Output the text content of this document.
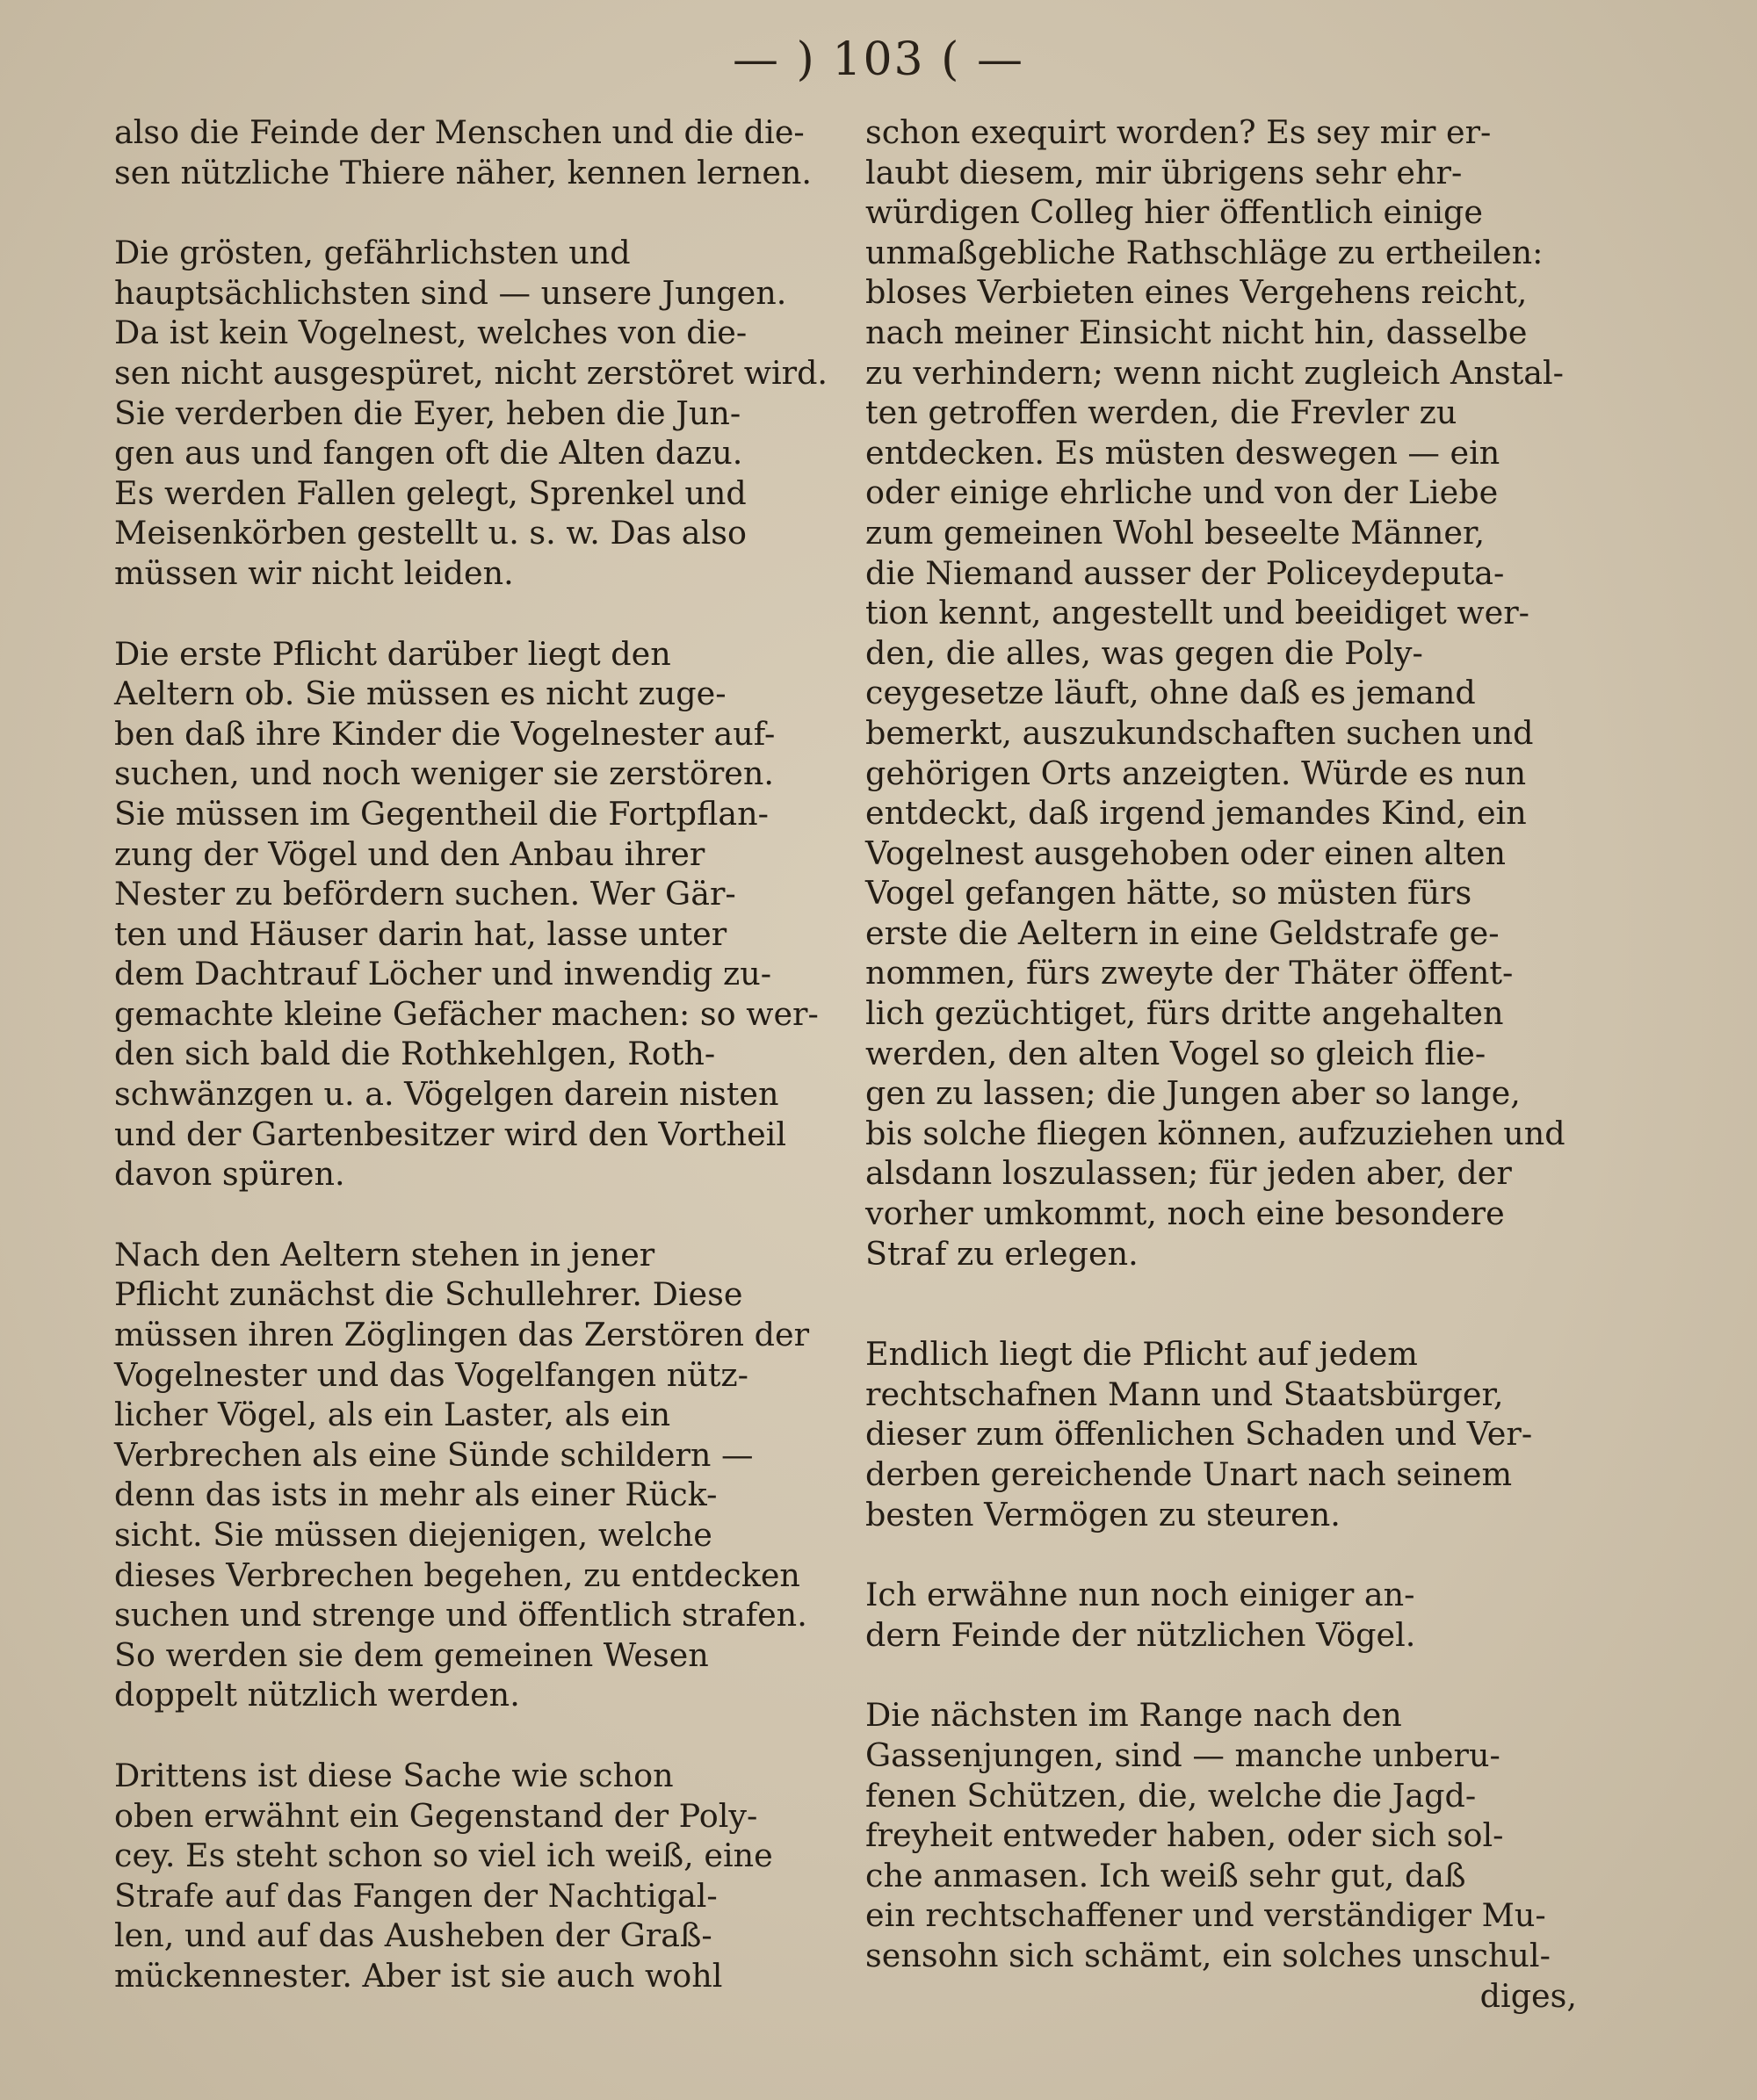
— ) 103 ( —

also die Feinde der Menschen und die die-
sen nützliche Thiere näher, kennen lernen.

Die grösten, gefährlichsten und
hauptsächlichsten sind — unsere Jungen.
Da ist kein Vogelnest, welches von die-
sen nicht ausgespüret, nicht zerstöret wird.
Sie verderben die Eyer, heben die Jun-
gen aus und fangen oft die Alten dazu.
Es werden Fallen gelegt, Sprenkel und
Meisenkörben gestellt u. s. w. Das also
müssen wir nicht leiden.

Die erste Pflicht darüber liegt den
Aeltern ob. Sie müssen es nicht zuge-
ben daß ihre Kinder die Vogelnester auf-
suchen, und noch weniger sie zerstören.
Sie müssen im Gegentheil die Fortpflan-
zung der Vögel und den Anbau ihrer
Nester zu befördern suchen. Wer Gär-
ten und Häuser darin hat, lasse unter
dem Dachtrauf Löcher und inwendig zu-
gemachte kleine Gefächer machen: so wer-
den sich bald die Rothkehlgen, Roth-
schwänzgen u. a. Vögelgen darein nisten
und der Gartenbesitzer wird den Vortheil
davon spüren.

Nach den Aeltern stehen in jener
Pflicht zunächst die Schullehrer. Diese
müssen ihren Zöglingen das Zerstören der
Vogelnester und das Vogelfangen nütz-
licher Vögel, als ein Laster, als ein
Verbrechen als eine Sünde schildern —
denn das ists in mehr als einer Rück-
sicht. Sie müssen diejenigen, welche
dieses Verbrechen begehen, zu entdecken
suchen und strenge und öffentlich strafen.
So werden sie dem gemeinen Wesen
doppelt nützlich werden.

Drittens ist diese Sache wie schon
oben erwähnt ein Gegenstand der Poly-
cey. Es steht schon so viel ich weiß, eine
Strafe auf das Fangen der Nachtigal-
len, und auf das Ausheben der Graß-
mückennester. Aber ist sie auch wohl

schon exequirt worden? Es sey mir er-
laubt diesem, mir übrigens sehr ehr-
würdigen Colleg hier öffentlich einige
unmaßgebliche Rathschläge zu ertheilen:
bloses Verbieten eines Vergehens reicht,
nach meiner Einsicht nicht hin, dasselbe
zu verhindern; wenn nicht zugleich Anstal-
ten getroffen werden, die Frevler zu
entdecken. Es müsten deswegen — ein
oder einige ehrliche und von der Liebe
zum gemeinen Wohl beseelte Männer,
die Niemand ausser der Policeydeputa-
tion kennt, angestellt und beeidiget wer-
den, die alles, was gegen die Poly-
ceygesetze läuft, ohne daß es jemand
bemerkt, auszukundschaften suchen und
gehörigen Orts anzeigten. Würde es nun
entdeckt, daß irgend jemandes Kind, ein
Vogelnest ausgehoben oder einen alten
Vogel gefangen hätte, so müsten fürs
erste die Aeltern in eine Geldstrafe ge-
nommen, fürs zweyte der Thäter öffent-
lich gezüchtiget, fürs dritte angehalten
werden, den alten Vogel so gleich flie-
gen zu lassen; die Jungen aber so lange,
bis solche fliegen können, aufzuziehen und
alsdann loszulassen; für jeden aber, der
vorher umkommt, noch eine besondere
Straf zu erlegen.

Endlich liegt die Pflicht auf jedem
rechtschafnen Mann und Staatsbürger,
dieser zum öffenlichen Schaden und Ver-
derben gereichende Unart nach seinem
besten Vermögen zu steuren.

Ich erwähne nun noch einiger an-
dern Feinde der nützlichen Vögel.

Die nächsten im Range nach den
Gassenjungen, sind — manche unberu-
fenen Schützen, die, welche die Jagd-
freyheit entweder haben, oder sich sol-
che anmasen. Ich weiß sehr gut, daß
ein rechtschaffener und verständiger Mu-
sensohn sich schämt, ein solches unschul-

diges,
